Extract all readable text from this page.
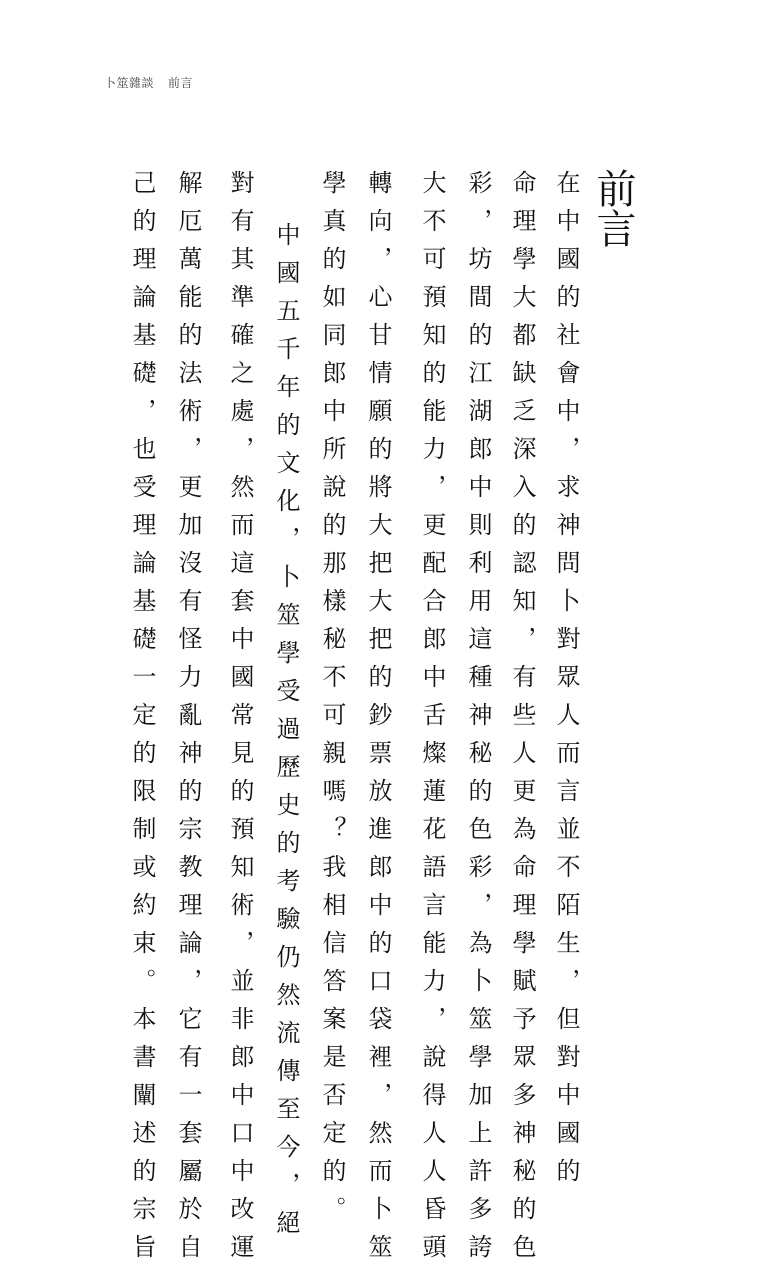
卜筮雜談 前言
前言
在中國的社會中，求神問卜對眾人而言並不陌生，但對中國的
命理學大都缺乏深入的認知，有些人更為命理學賦予眾多神秘的色
彩，坊間的江湖郎中則利用這種神秘的色彩，為卜筮學加上許多誇
大不可預知的能力，更配合郎中舌燦蓮花語言能力，說得人人昏頭
轉向，心甘情願的將大把大把的鈔票放進郎中的口袋裡，然而卜筮
學真的如同郎中所說的那樣秘不可親嗎？我相信答案是否定的。
中國五千年的文化，卜筮學受過歷史的考驗仍然流傳至今，絕
對有其準確之處，然而這套中國常見的預知術，並非郎中口中改運
解厄萬能的法術，更加沒有怪力亂神的宗教理論，它有一套屬於自
己的理論基礎，也受理論基礎一定的限制或約束。本書闡述的宗旨
